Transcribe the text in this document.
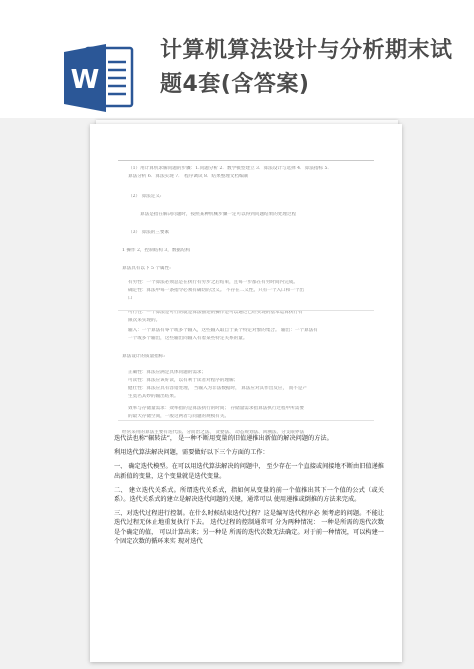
W
计算机算法设计与分析期末试题4套(含答案)
（1）用计算机求解问题的步骤：1.问题分析 2．数学模型建立 3．算法设计与选择 4．算法指标 5．
算法分析 6．算法实现 7． 程序调试 8．结果整理文档编制
（2） 算法定义:
算法是指在解决问题时，按照某种机械步骤一定可以得到问题结果的处理过程
（3） 算法的三要素
1 操作 2，控制结构 3，数据结构
算法具有以下 5 个属性:
有穷性：一个算法必须总是在执行有穷步之后结束，且每一步都在有穷时间内完成。
确定性：算法中每一条指令必须有确切的含义。 不存在二义性。只有一个入口和一个出
口
可行性：一个算法是可行的就是算法描述的操作是可以通过已经实现的基本运算执行有
限次来实现的。
输入：一个算法有零个或多个输入，这些输入取自于某个特定对象的集合。 输出：一个算法有
一个或多个输出，这些输出同输入有着某些特定关系的量。
算法设计的质量指标:
正确性：算法应满足具体问题的需求；
可读性：算法应该好读，以有利于读者对程序的理解；
健壮性：算法应具有容错处理， 当输入为非法数据时， 算法应对其作出反应， 而不是产
生莫名其妙的输出结果。
效率与存储量需求：效率指的是算法执行的时间； 存储量需求指算法执行过程中所需要
的最大存储空间，一般这两者与问题的规模有关。
经常采用的算法主要有迭代法、分而治之法、 贪婪法、 动态规划法、回溯法、分支限界法

迭代法也称“辗转法”， 是一种不断用变量的旧值递推出新值的解决问题的方法。

利用迭代算法解决问题，需要做好以下三个方面的工作：

一、 确定迭代模型。在可以用迭代算法解决的问题中， 至少存在一个直接或间接地不断由旧值递推出新值的变量，这个变量就是迭代变量。

二、 建立迭代关系式。所谓迭代关系式，指如何从变量的前一个值推出其下一个值的公式（或关系）。迭代关系式的建立是解决迭代问题的关键，通常可以 使用递推或倒推的方法来完成。

三、对迭代过程进行控制。在什么时候结束迭代过程？这是编写迭代程序必 须考虑的问题。不能让迭代过程无休止地重复执行下去。 迭代过程的控制通常可 分为两种情况： 一种是所需的迭代次数是个确定的值， 可以计算出来；另一种是 所需的迭代次数无法确定。对于前一种情况，可以构建一个固定次数的循环来实 现对迭代
